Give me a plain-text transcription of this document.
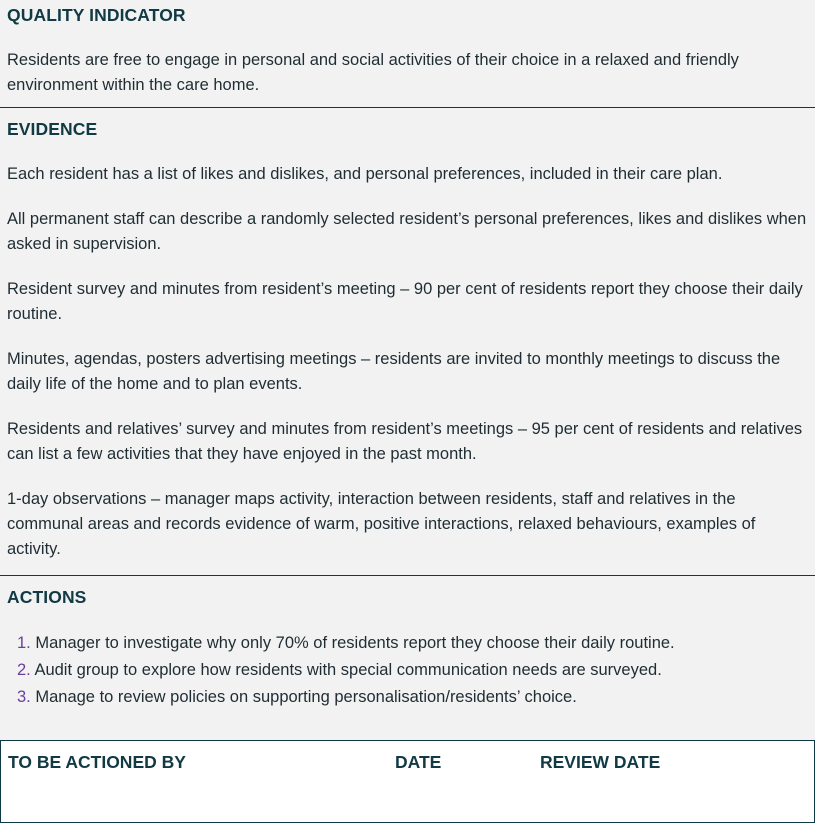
QUALITY INDICATOR

Residents are free to engage in personal and social activities of their choice in a relaxed and friendly environment within the care home.

EVIDENCE

Each resident has a list of likes and dislikes, and personal preferences, included in their care plan.

All permanent staff can describe a randomly selected resident’s personal preferences, likes and dislikes when asked in supervision.

Resident survey and minutes from resident’s meeting – 90 per cent of residents report they choose their daily routine.

Minutes, agendas, posters advertising meetings – residents are invited to monthly meetings to discuss the daily life of the home and to plan events.

Residents and relatives’ survey and minutes from resident’s meetings – 95 per cent of residents and relatives can list a few activities that they have enjoyed in the past month.

1-day observations – manager maps activity, interaction between residents, staff and relatives in the communal areas and records evidence of warm, positive interactions, relaxed behaviours, examples of activity.

ACTIONS
1. Manager to investigate why only 70% of residents report they choose their daily routine.
2. Audit group to explore how residents with special communication needs are surveyed.
3. Manage to review policies on supporting personalisation/residents’ choice.
TO BE ACTIONED BY	DATE	REVIEW DATE
